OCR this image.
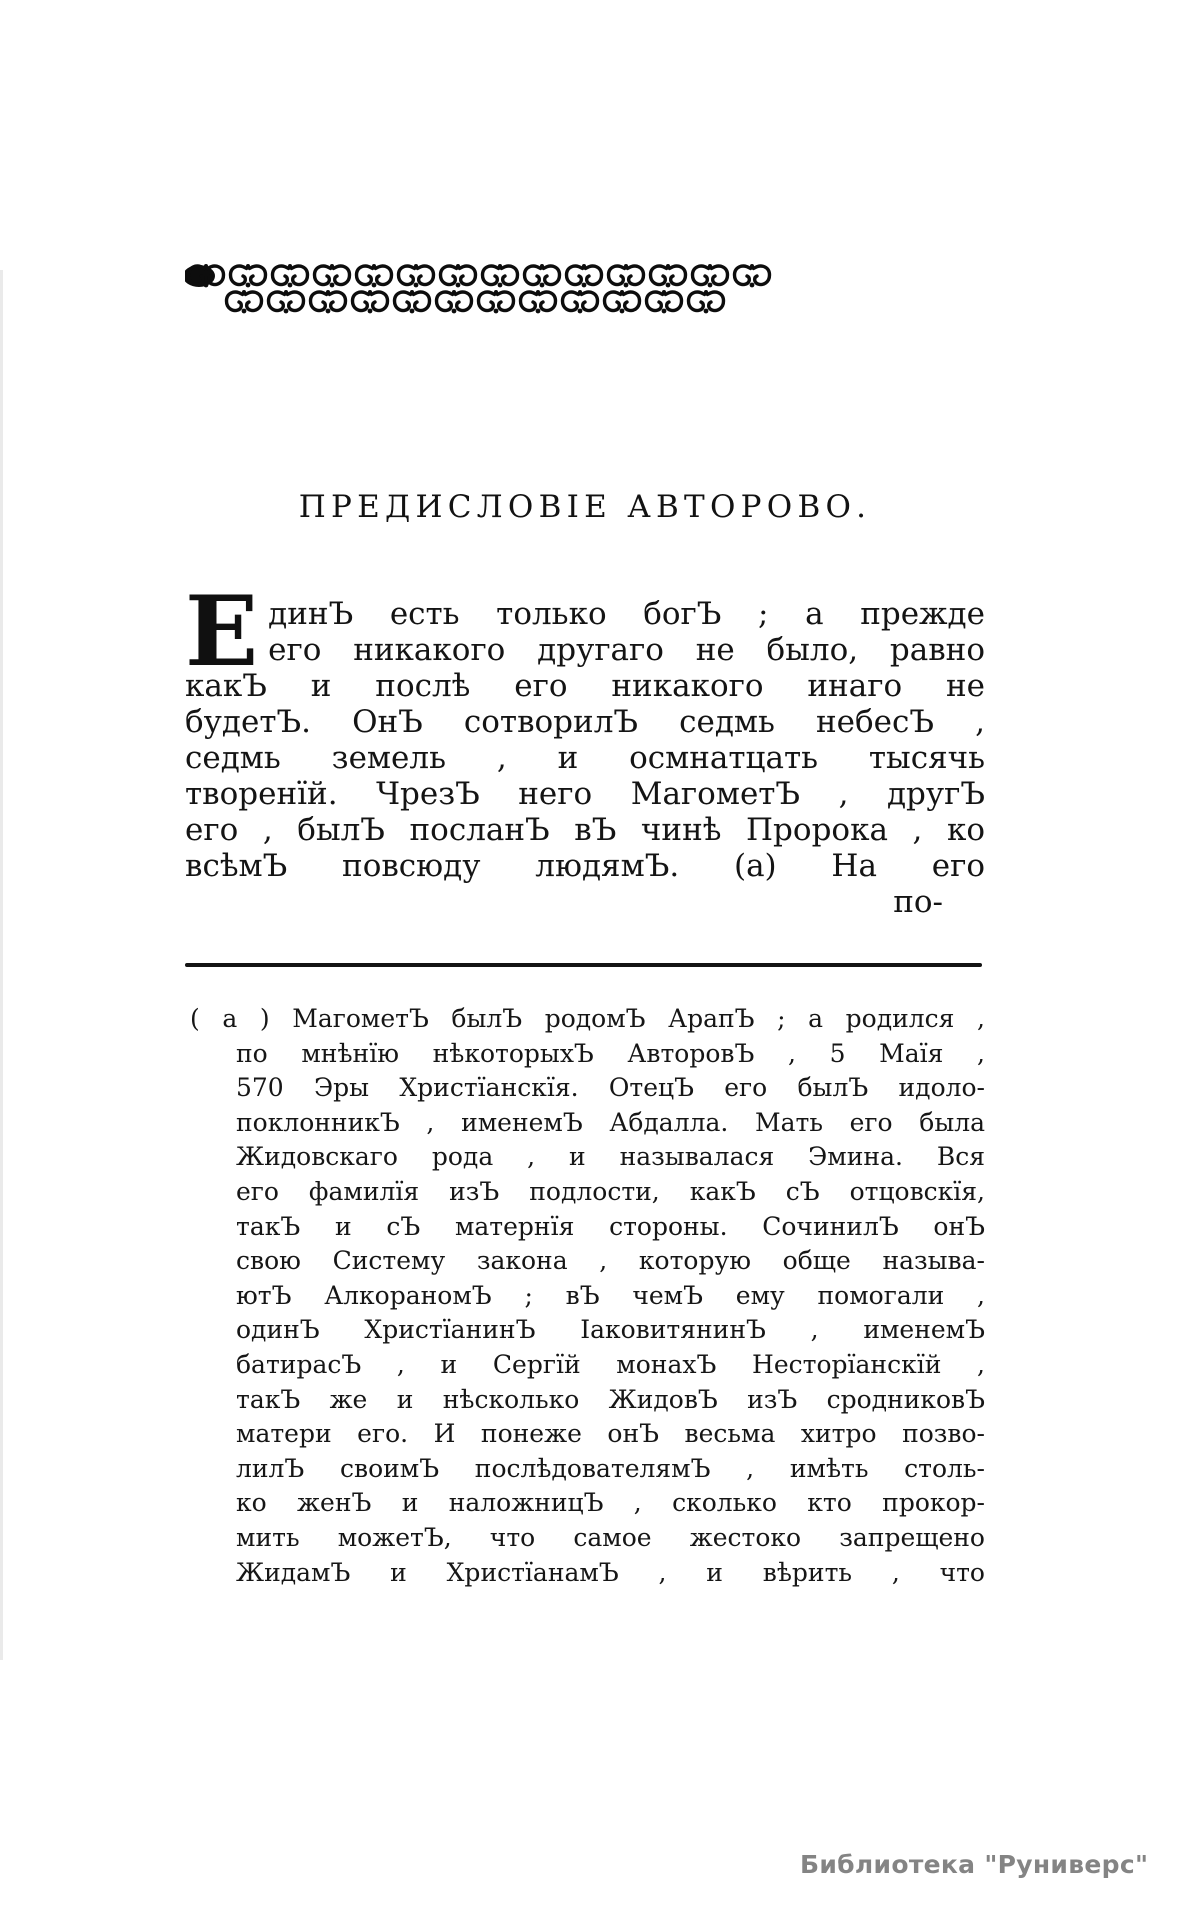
ПРЕДИСЛОВІЕ АВТОРОВО.
Е динЪ есть только богЪ ; а прежде
его никакого другаго не было, равно
какЪ и послѣ его никакого инаго не
будетЪ. ОнЪ сотворилЪ седмь небесЪ ,
седмь земель , и осмнатцать тысячь
творенїй. ЧрезЪ него МагометЪ , другЪ
его , былЪ посланЪ вЪ чинѣ Пророка , ко
всѣмЪ повсюду людямЪ. (а) На его
по-
( а ) МагометЪ былЪ родомЪ АрапЪ ; а родился ,
по мнѣнїю нѣкоторыхЪ АвторовЪ , 5 Маїя ,
570 Эры Христїанскїя. ОтецЪ его былЪ идоло-
поклонникЪ , именемЪ Абдалла. Мать его была
Жидовскаго рода , и называлася Эмина. Вся
его фамилїя изЪ подлости, какЪ сЪ отцовскїя,
такЪ и сЪ матернїя стороны. СочинилЪ онЪ
свою Систему закона , которую обще называ-
ютЪ АлкораномЪ ; вЪ чемЪ ему помогали ,
одинЪ ХристїанинЪ ІаковитянинЪ , именемЪ
батирасЪ , и Сергїй монахЪ Несторїанскїй ,
такЪ же и нѣсколько ЖидовЪ изЪ сродниковЪ
матери его. И понеже онЪ весьма хитро позво-
лилЪ своимЪ послѣдователямЪ , имѣть столь-
ко женЪ и наложницЪ , сколько кто прокор-
мить можетЪ, что самое жестоко запрещено
ЖидамЪ и ХристїанамЪ , и вѣрить , что
Библиотека "Руниверс"
